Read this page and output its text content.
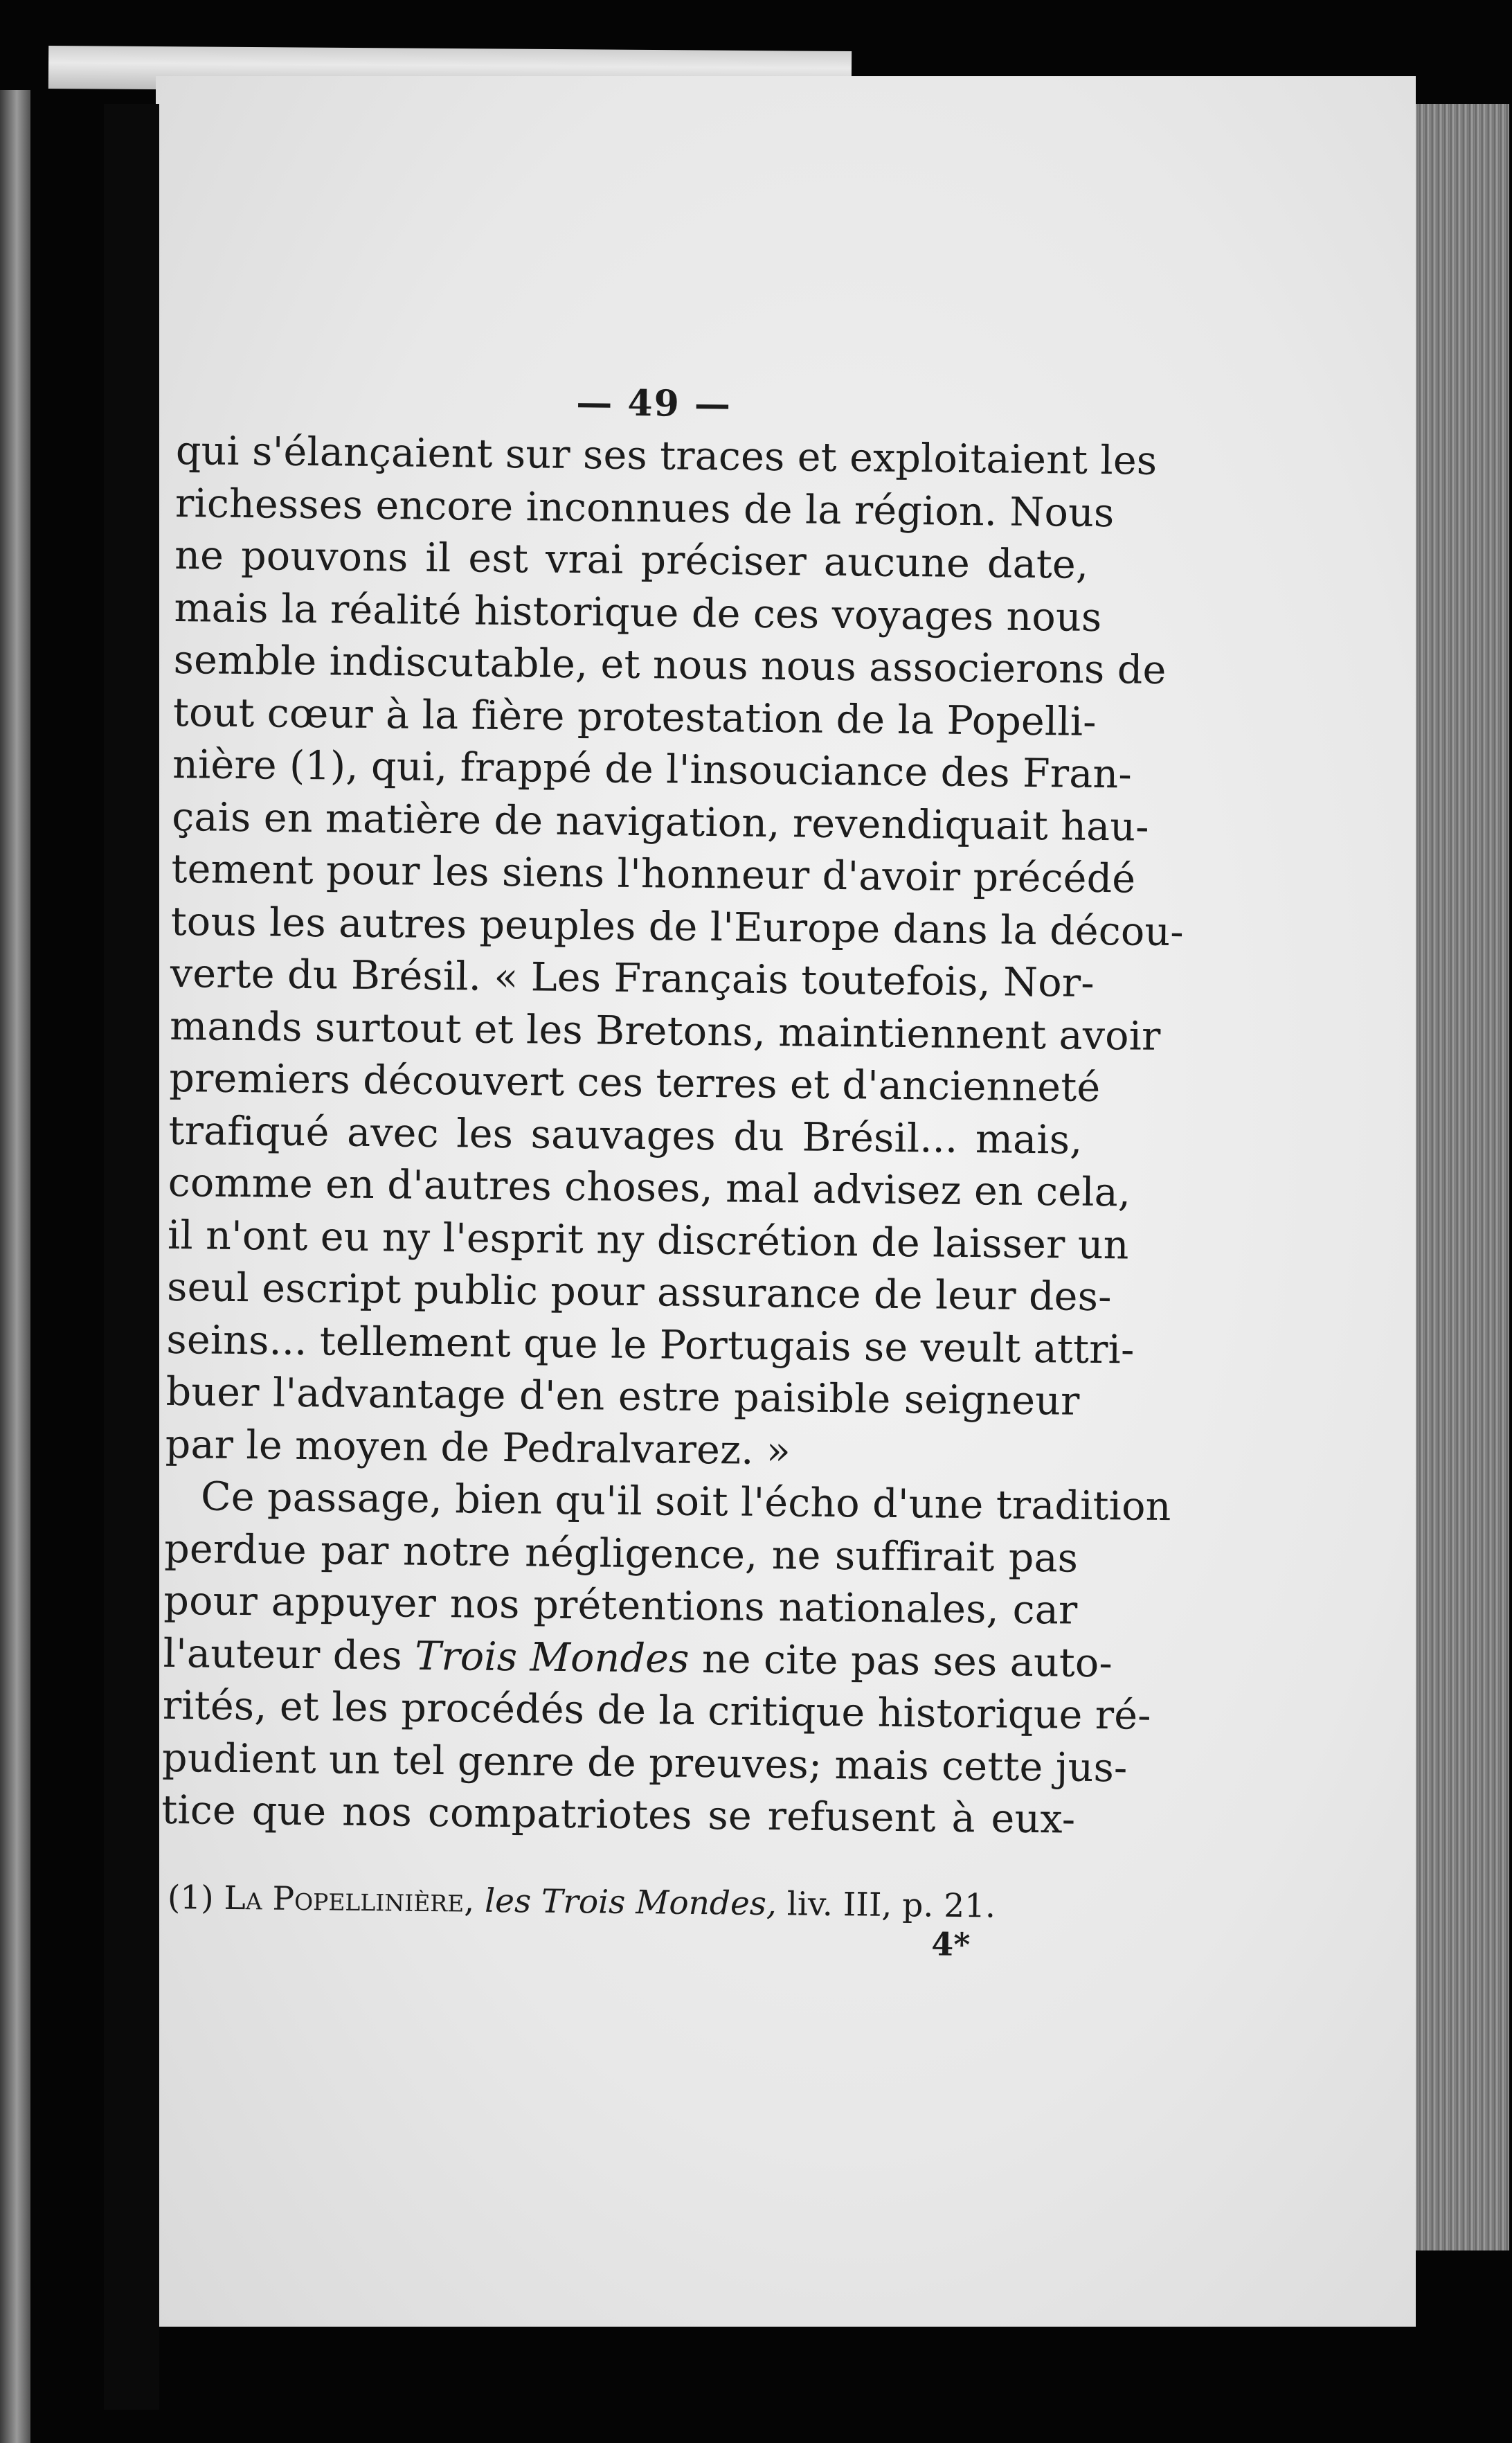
— 49 —
qui s'élançaient sur ses traces et exploitaient les
richesses encore inconnues de la région. Nous
ne pouvons il est vrai préciser aucune date,
mais la réalité historique de ces voyages nous
semble indiscutable, et nous nous associerons de
tout cœur à la fière protestation de la Popelli-
nière (1), qui, frappé de l'insouciance des Fran-
çais en matière de navigation, revendiquait hau-
tement pour les siens l'honneur d'avoir précédé
tous les autres peuples de l'Europe dans la décou-
verte du Brésil. « Les Français toutefois, Nor-
mands surtout et les Bretons, maintiennent avoir
premiers découvert ces terres et d'ancienneté
trafiqué avec les sauvages du Brésil... mais,
comme en d'autres choses, mal advisez en cela,
il n'ont eu ny l'esprit ny discrétion de laisser un
seul escript public pour assurance de leur des-
seins... tellement que le Portugais se veult attri-
buer l'advantage d'en estre paisible seigneur
par le moyen de Pedralvarez. »
Ce passage, bien qu'il soit l'écho d'une tradition
perdue par notre négligence, ne suffirait pas
pour appuyer nos prétentions nationales, car
l'auteur des Trois Mondes ne cite pas ses auto-
rités, et les procédés de la critique historique ré-
pudient un tel genre de preuves; mais cette jus-
tice que nos compatriotes se refusent à eux-
(1) La Popellinière, les Trois Mondes, liv. III, p. 21.
4*
